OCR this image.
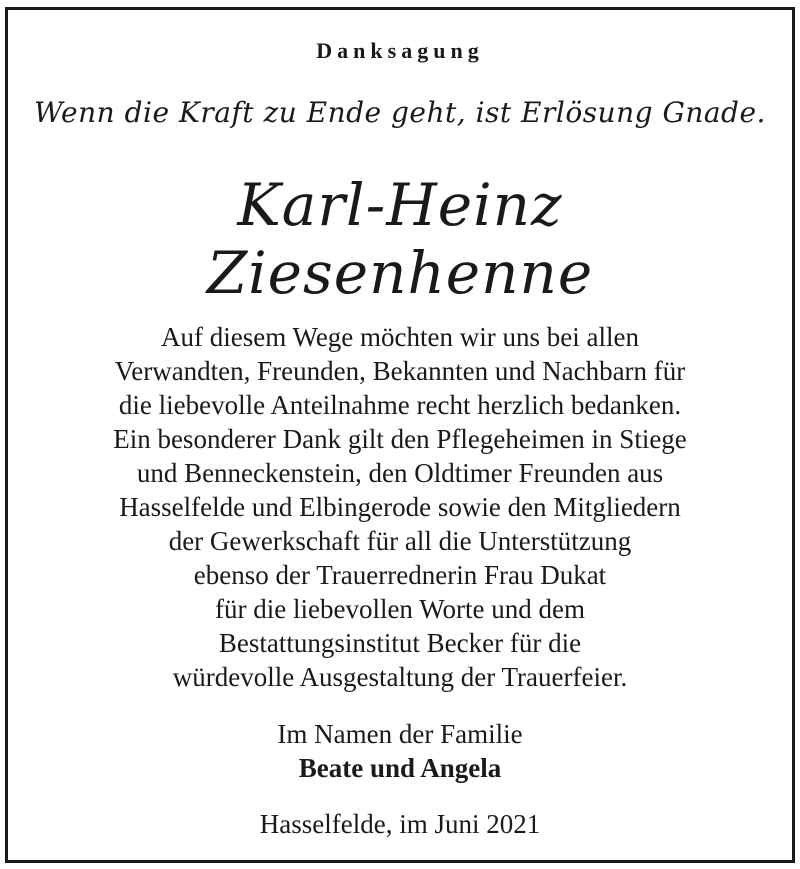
Danksagung
Wenn die Kraft zu Ende geht, ist Erlösung Gnade.
Karl-Heinz
Ziesenhenne
Auf diesem Wege möchten wir uns bei allen
Verwandten, Freunden, Bekannten und Nachbarn für
die liebevolle Anteilnahme recht herzlich bedanken.
Ein besonderer Dank gilt den Pflegeheimen in Stiege
und Benneckenstein, den Oldtimer Freunden aus
Hasselfelde und Elbingerode sowie den Mitgliedern
der Gewerkschaft für all die Unterstützung
ebenso der Trauerrednerin Frau Dukat
für die liebevollen Worte und dem
Bestattungsinstitut Becker für die
würdevolle Ausgestaltung der Trauerfeier.
Im Namen der Familie
Beate und Angela
Hasselfelde, im Juni 2021
